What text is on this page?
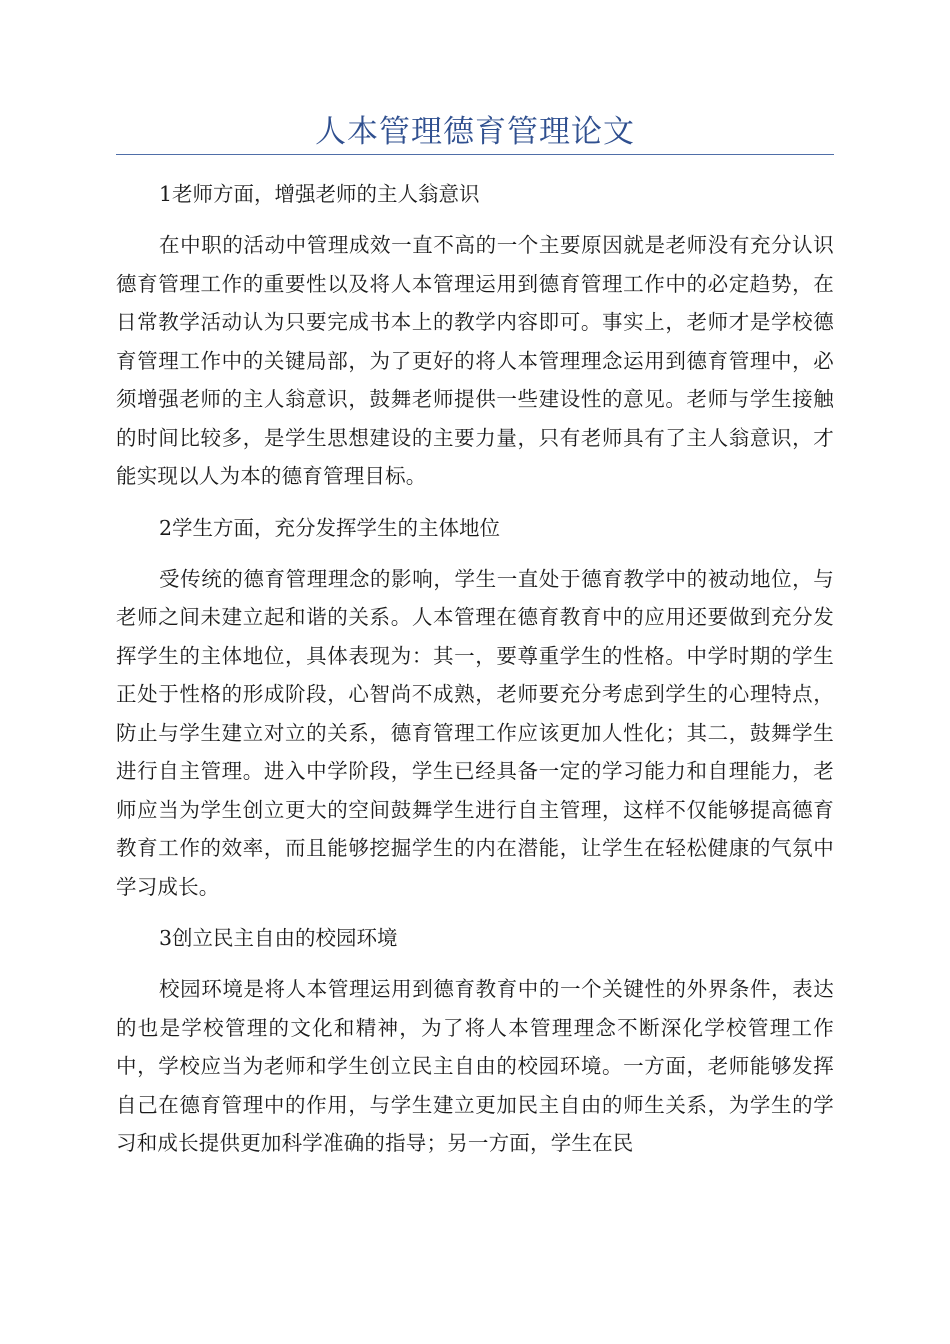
人本管理德育管理论文

1老师方面，增强老师的主人翁意识

在中职的活动中管理成效一直不高的一个主要原因就是老师没有充分认识德育管理工作的重要性以及将人本管理运用到德育管理工作中的必定趋势，在日常教学活动认为只要完成书本上的教学内容即可。事实上，老师才是学校德育管理工作中的关键局部，为了更好的将人本管理理念运用到德育管理中，必须增强老师的主人翁意识，鼓舞老师提供一些建设性的意见。老师与学生接触的时间比较多，是学生思想建设的主要力量，只有老师具有了主人翁意识，才能实现以人为本的德育管理目标。

2学生方面，充分发挥学生的主体地位

受传统的德育管理理念的影响，学生一直处于德育教学中的被动地位，与老师之间未建立起和谐的关系。人本管理在德育教育中的应用还要做到充分发挥学生的主体地位，具体表现为：其一，要尊重学生的性格。中学时期的学生正处于性格的形成阶段，心智尚不成熟，老师要充分考虑到学生的心理特点，防止与学生建立对立的关系，德育管理工作应该更加人性化；其二，鼓舞学生进行自主管理。进入中学阶段，学生已经具备一定的学习能力和自理能力，老师应当为学生创立更大的空间鼓舞学生进行自主管理，这样不仅能够提高德育教育工作的效率，而且能够挖掘学生的内在潜能，让学生在轻松健康的气氛中学习成长。

3创立民主自由的校园环境

校园环境是将人本管理运用到德育教育中的一个关键性的外界条件，表达的也是学校管理的文化和精神，为了将人本管理理念不断深化学校管理工作中，学校应当为老师和学生创立民主自由的校园环境。一方面，老师能够发挥自己在德育管理中的作用，与学生建立更加民主自由的师生关系，为学生的学习和成长提供更加科学准确的指导；另一方面，学生在民
